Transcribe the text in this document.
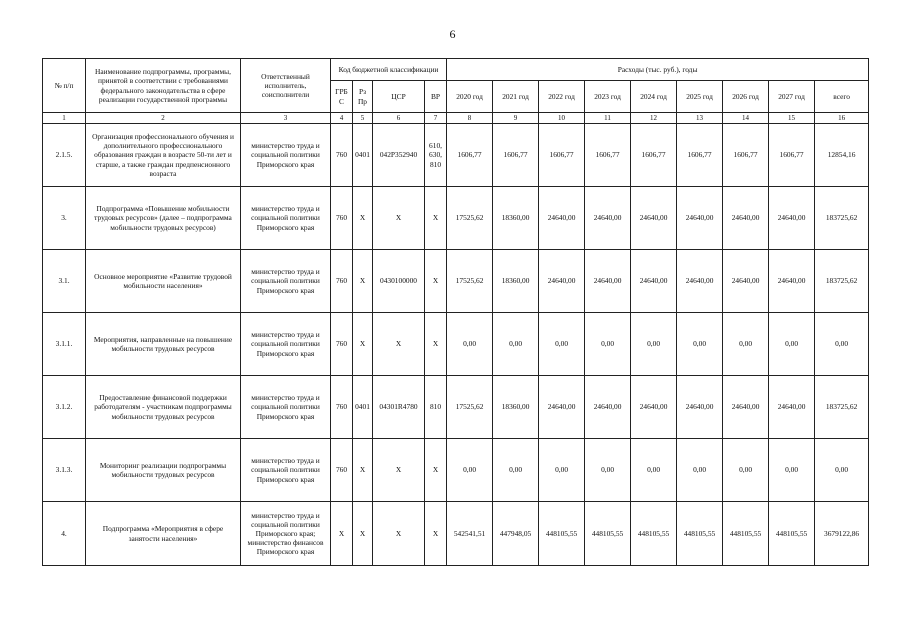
6
№ п/п	Наименование подпрограммы, программы, принятой в соответствии с требованиями федерального законодательства в сфере реализации государственной программы	Ответственный исполнитель, соисполнители	Код бюджетной классификации				Расходы (тыс. руб.), годы								
			ГРБС	Рз Пр	ЦСР	ВР	2020 год	2021 год	2022 год	2023 год	2024 год	2025 год	2026 год	2027 год	всего
1	2	3	4	5	6	7	8	9	10	11	12	13	14	15	16
2.1.5.	Организация профессионального обучения и дополнительного профессионального образования граждан в возрасте 50-ти лет и старше, а также граждан предпенсионного возраста	министерство труда и социальной политики Приморского края	760	0401	042P352940	610, 630, 810	1606,77	1606,77	1606,77	1606,77	1606,77	1606,77	1606,77	1606,77	12854,16
3.	Подпрограмма «Повышение мобильности трудовых ресурсов» (далее – подпрограмма мобильности трудовых ресурсов)	министерство труда и социальной политики Приморского края	760	Х	Х	Х	17525,62	18360,00	24640,00	24640,00	24640,00	24640,00	24640,00	24640,00	183725,62
3.1.	Основное мероприятие «Развитие трудовой мобильности населения»	министерство труда и социальной политики Приморского края	760	Х	0430100000	Х	17525,62	18360,00	24640,00	24640,00	24640,00	24640,00	24640,00	24640,00	183725,62
3.1.1.	Мероприятия, направленные на повышение мобильности трудовых ресурсов	министерство труда и социальной политики Приморского края	760	Х	Х	Х	0,00	0,00	0,00	0,00	0,00	0,00	0,00	0,00	0,00
3.1.2.	Предоставление финансовой поддержки работодателям - участникам подпрограммы мобильности трудовых ресурсов	министерство труда и социальной политики Приморского края	760	0401	04301R4780	810	17525,62	18360,00	24640,00	24640,00	24640,00	24640,00	24640,00	24640,00	183725,62
3.1.3.	Мониторинг реализации подпрограммы мобильности трудовых ресурсов	министерство труда и социальной политики Приморского края	760	Х	Х	Х	0,00	0,00	0,00	0,00	0,00	0,00	0,00	0,00	0,00
4.	Подпрограмма «Мероприятия в сфере занятости населения»	министерство труда и социальной политики Приморского края; министерство финансов Приморского края	Х	Х	Х	Х	542541,51	447948,05	448105,55	448105,55	448105,55	448105,55	448105,55	448105,55	3679122,86
